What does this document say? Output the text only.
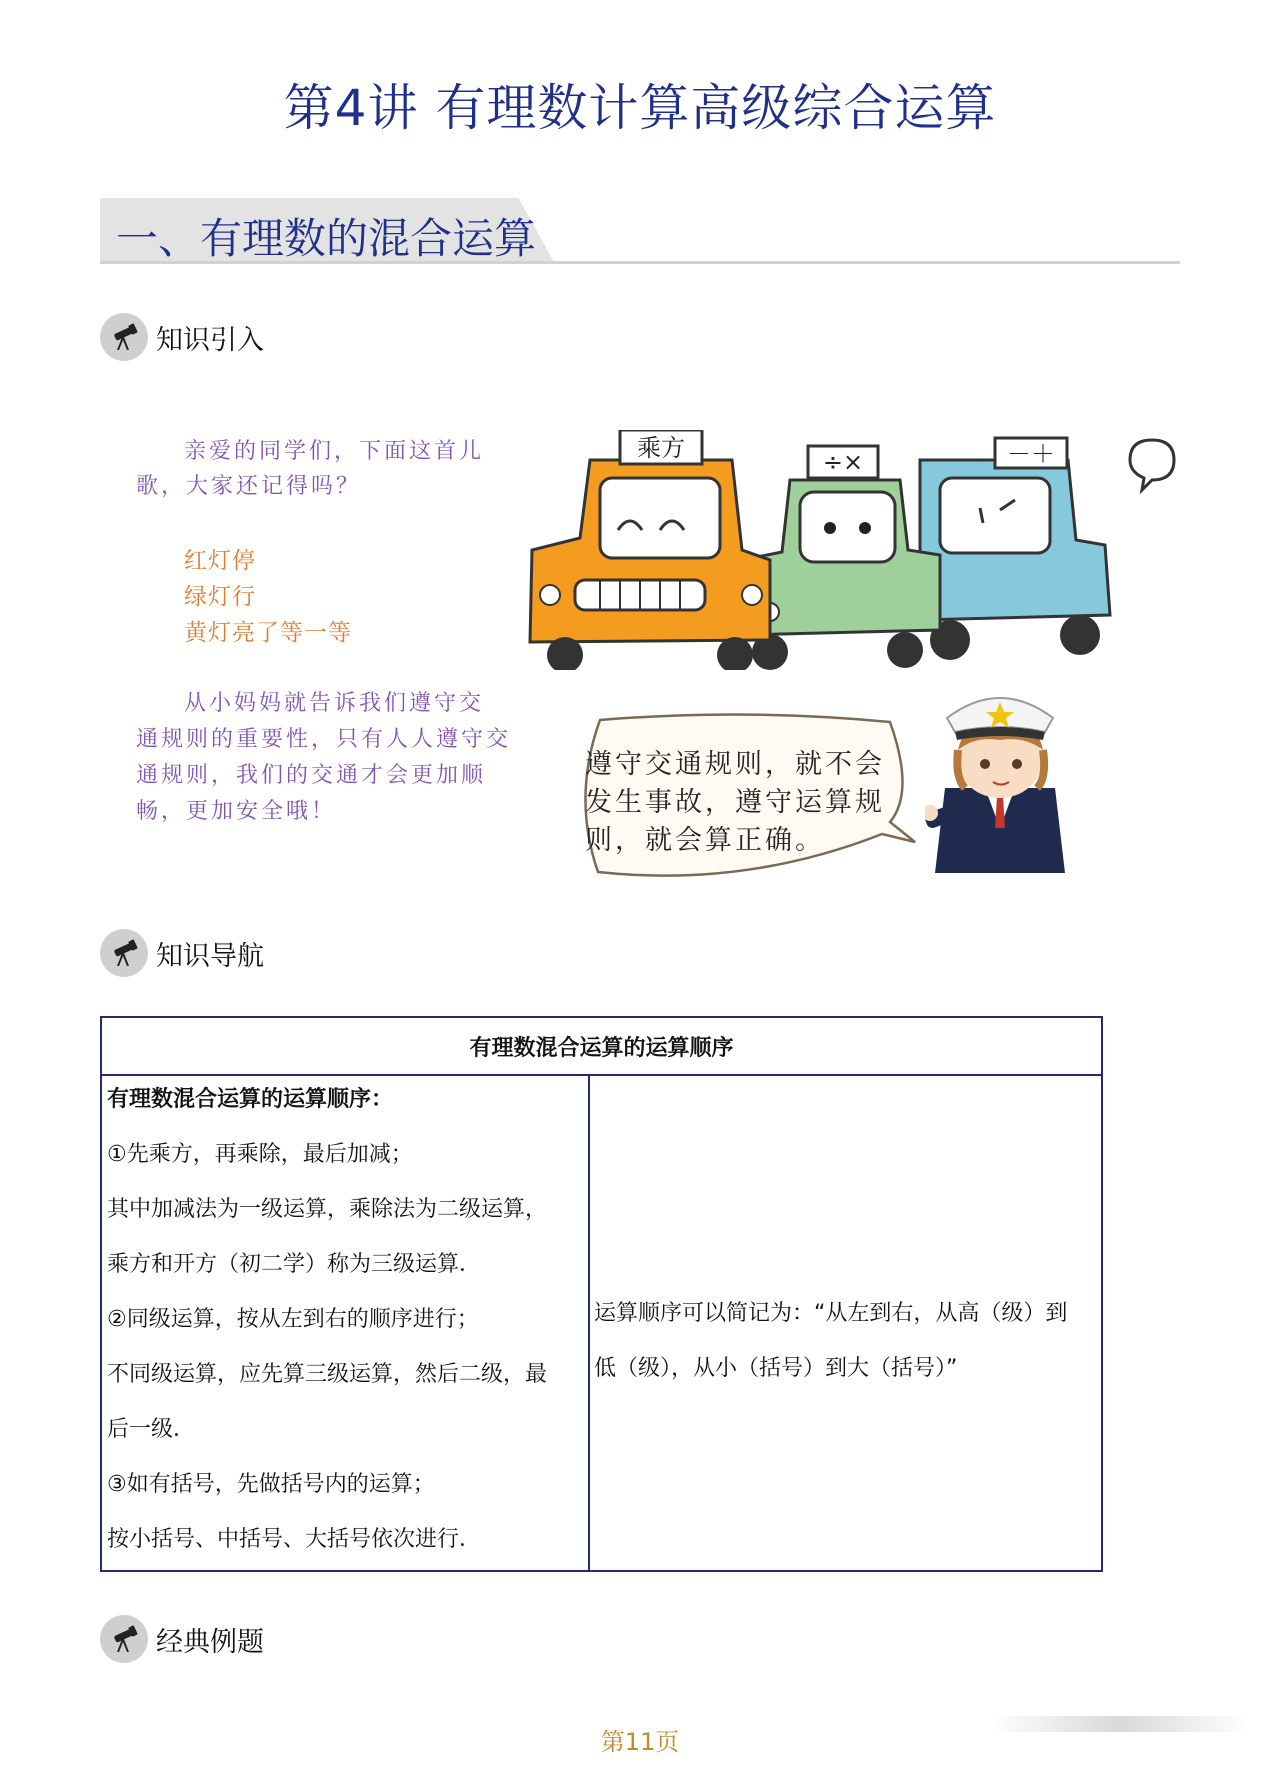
第4讲 有理数计算高级综合运算
一、有理数的混合运算
知识引入
亲爱的同学们，下面这首儿
歌，大家还记得吗？
红灯停
绿灯行
黄灯亮了等一等
从小妈妈就告诉我们遵守交
通规则的重要性，只有人人遵守交
通规则，我们的交通才会更加顺
畅，更加安全哦！
－＋
÷×
乘方
遵守交通规则，就不会
发生事故，遵守运算规
则，就会算正确。
知识导航
有理数混合运算的运算顺序
有理数混合运算的运算顺序：
①先乘方，再乘除，最后加减；
其中加减法为一级运算，乘除法为二级运算，
乘方和开方（初二学）称为三级运算．
②同级运算，按从左到右的顺序进行；
不同级运算，应先算三级运算，然后二级，最
后一级．
③如有括号，先做括号内的运算；
按小括号、中括号、大括号依次进行．
运算顺序可以简记为：“从左到右，从高（级）到
低（级），从小（括号）到大（括号）”
经典例题
第11页
